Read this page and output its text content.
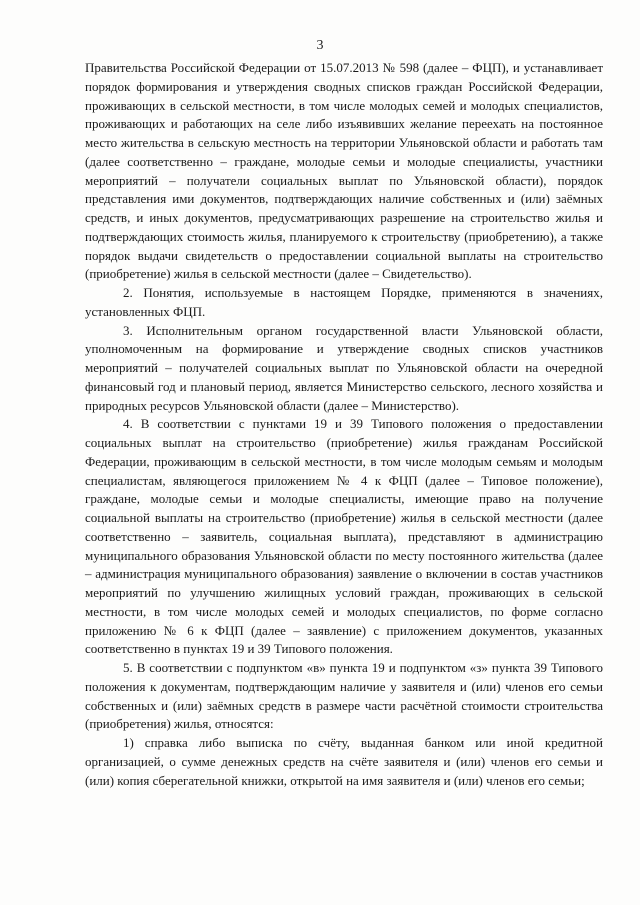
3

Правительства Российской Федерации от 15.07.2013 № 598 (далее – ФЦП), и устанавливает порядок формирования и утверждения сводных списков граждан Российской Федерации, проживающих в сельской местности, в том числе молодых семей и молодых специалистов, проживающих и работающих на селе либо изъявивших желание переехать на постоянное место жительства в сельскую местность на территории Ульяновской области и работать там (далее соответственно – граждане, молодые семьи и молодые специалисты, участники мероприятий – получатели социальных выплат по Ульяновской области), порядок представления ими документов, подтверждающих наличие собственных и (или) заёмных средств, и иных документов, предусматривающих разрешение на строительство жилья и подтверждающих стоимость жилья, планируемого к строительству (приобретению), а также порядок выдачи свидетельств о предоставлении социальной выплаты на строительство (приобретение) жилья в сельской местности (далее – Свидетельство).

2. Понятия, используемые в настоящем Порядке, применяются в значениях, установленных ФЦП.

3. Исполнительным органом государственной власти Ульяновской области, уполномоченным на формирование и утверждение сводных списков участников мероприятий – получателей социальных выплат по Ульяновской области на очередной финансовый год и плановый период, является Министерство сельского, лесного хозяйства и природных ресурсов Ульяновской области (далее – Министерство).

4. В соответствии с пунктами 19 и 39 Типового положения о предоставлении социальных выплат на строительство (приобретение) жилья гражданам Российской Федерации, проживающим в сельской местности, в том числе молодым семьям и молодым специалистам, являющегося приложением № 4 к ФЦП (далее – Типовое положение), граждане, молодые семьи и молодые специалисты, имеющие право на получение социальной выплаты на строительство (приобретение) жилья в сельской местности (далее соответственно – заявитель, социальная выплата), представляют в администрацию муниципального образования Ульяновской области по месту постоянного жительства (далее – администрация муниципального образования) заявление о включении в состав участников мероприятий по улучшению жилищных условий граждан, проживающих в сельской местности, в том числе молодых семей и молодых специалистов, по форме согласно приложению № 6 к ФЦП (далее – заявление) с приложением документов, указанных соответственно в пунктах 19 и 39 Типового положения.

5. В соответствии с подпунктом «в» пункта 19 и подпунктом «з» пункта 39 Типового положения к документам, подтверждающим наличие у заявителя и (или) членов его семьи собственных и (или) заёмных средств в размере части расчётной стоимости строительства (приобретения) жилья, относятся:

1) справка либо выписка по счёту, выданная банком или иной кредитной организацией, о сумме денежных средств на счёте заявителя и (или) членов его семьи и (или) копия сберегательной книжки, открытой на имя заявителя и (или) членов его семьи;
